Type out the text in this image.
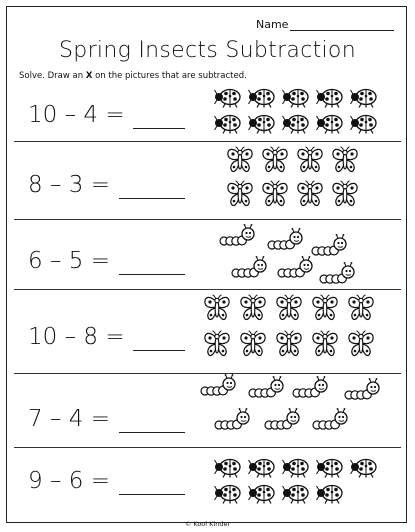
Name
Spring Insects Subtraction
Solve. Draw an X on the pictures that are subtracted.
10 – 4 =
8 – 3 =
6 – 5 =
10 – 8 =
7 – 4 =
9 – 6 =
© Kool Kinder
